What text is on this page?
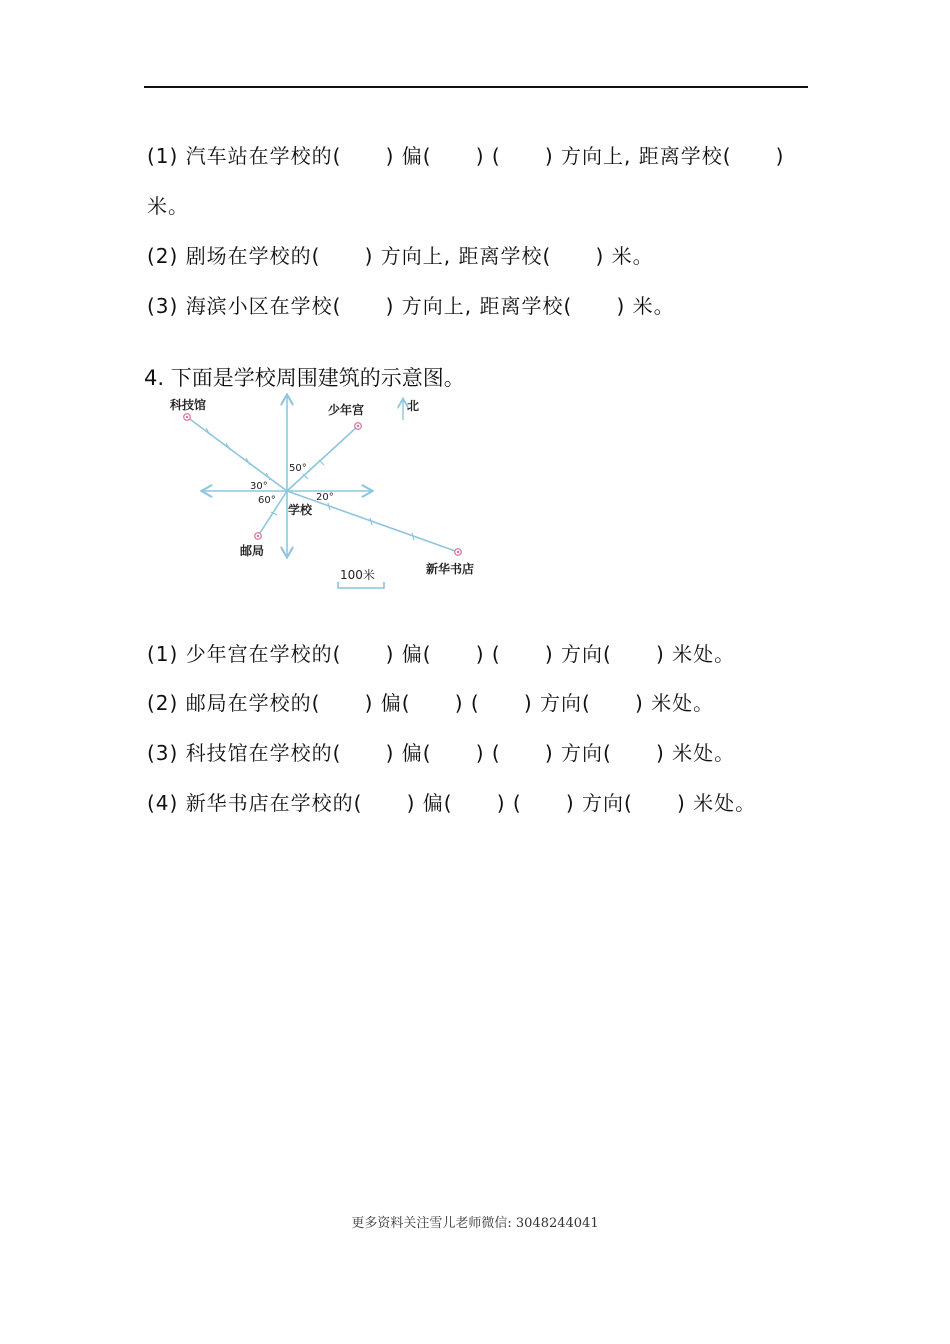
(1) 汽车站在学校的(      ) 偏(      ) (      ) 方向上, 距离学校(      )
米。
(2) 剧场在学校的(      ) 方向上, 距离学校(      ) 米。
(3) 海滨小区在学校(      ) 方向上, 距离学校(      ) 米。
4. 下面是学校周围建筑的示意图。
科技馆	少年宫	北
学校
邮局
新华书店
50°
30°
60°	20°
100米
(1) 少年宫在学校的(      ) 偏(      ) (      ) 方向(      ) 米处。
(2) 邮局在学校的(      ) 偏(      ) (      ) 方向(      ) 米处。
(3) 科技馆在学校的(      ) 偏(      ) (      ) 方向(      ) 米处。
(4) 新华书店在学校的(      ) 偏(      ) (      ) 方向(      ) 米处。
更多资料关注雪儿老师微信: 3048244041
